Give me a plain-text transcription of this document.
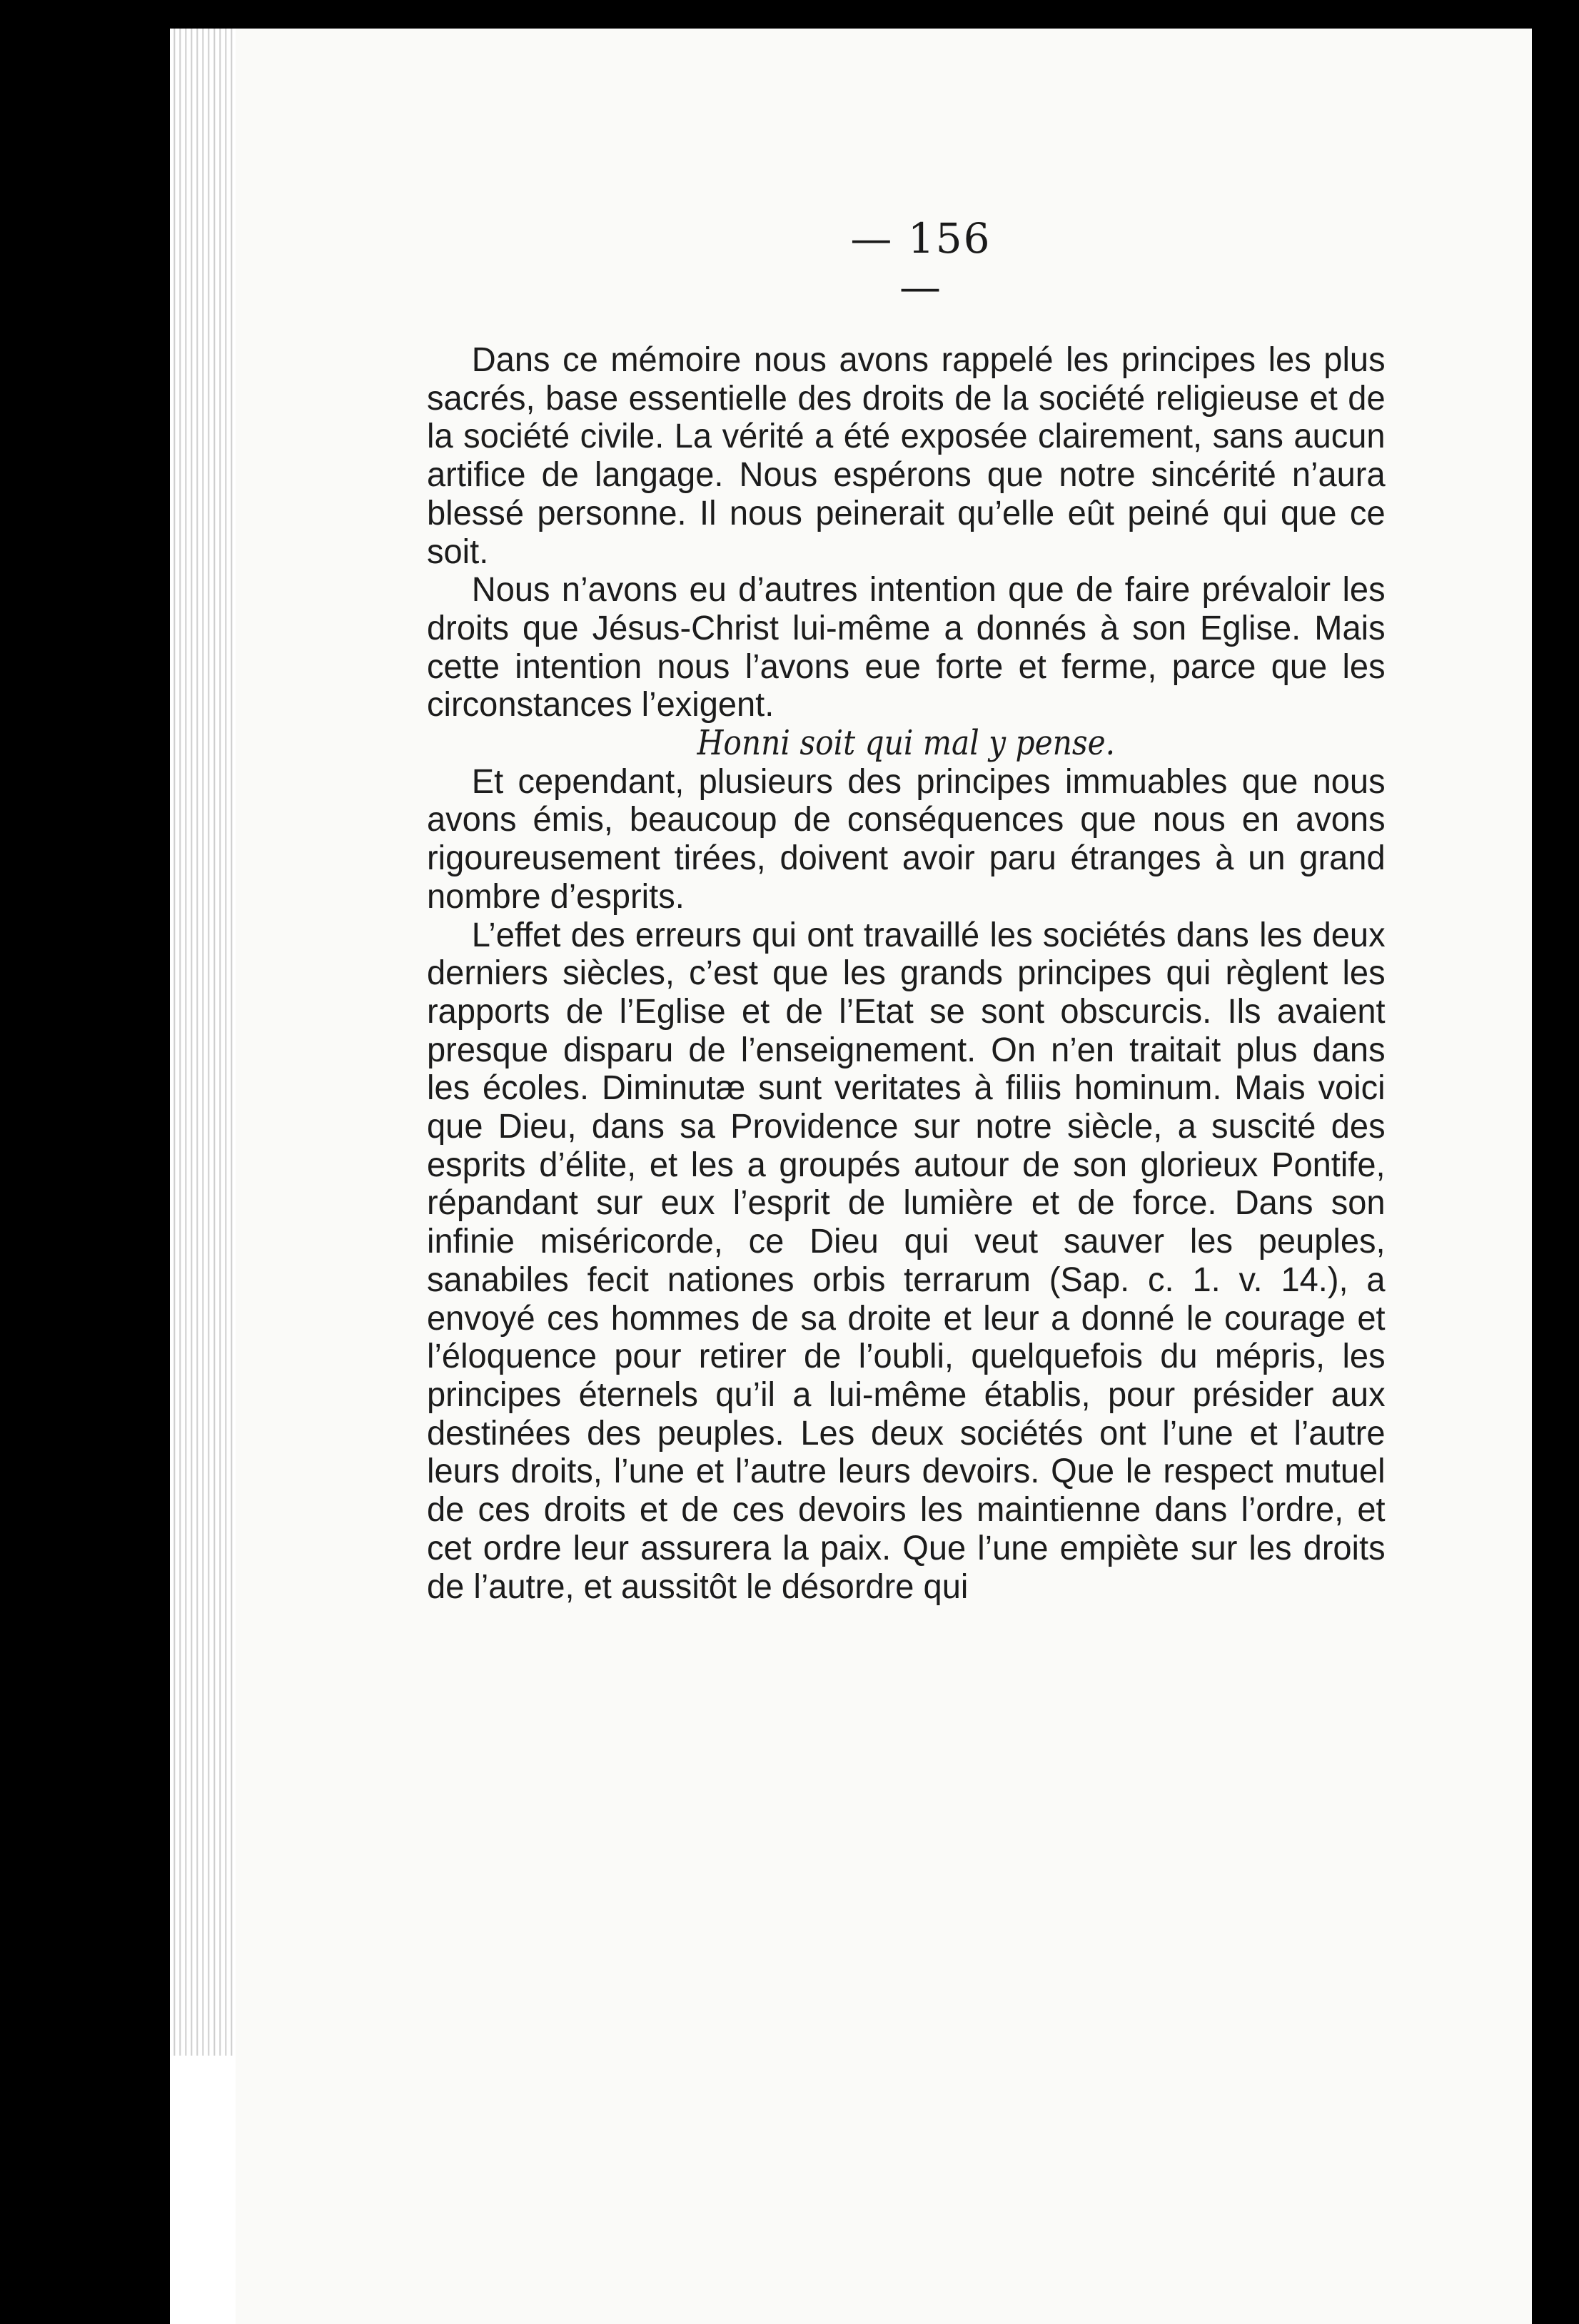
— 156 —

Dans ce mémoire nous avons rappelé les principes les plus sacrés, base essentielle des droits de la société religieuse et de la société civile. La vérité a été exposée clairement, sans aucun artifice de langage. Nous espérons que notre sincérité n’aura blessé personne. Il nous peinerait qu’elle eût peiné qui que ce soit.

Nous n’avons eu d’autres intention que de faire prévaloir les droits que Jésus-Christ lui-même a donnés à son Eglise. Mais cette intention nous l’avons eue forte et ferme, parce que les circonstances l’exigent.

Honni soit qui mal y pense.

Et cependant, plusieurs des principes immuables que nous avons émis, beaucoup de conséquences que nous en avons rigoureusement tirées, doivent avoir paru étranges à un grand nombre d’esprits.

L’effet des erreurs qui ont travaillé les sociétés dans les deux derniers siècles, c’est que les grands principes qui règlent les rapports de l’Eglise et de l’Etat se sont obscurcis. Ils avaient presque disparu de l’enseignement. On n’en traitait plus dans les écoles. Diminutæ sunt veritates à filiis hominum. Mais voici que Dieu, dans sa Providence sur notre siècle, a suscité des esprits d’élite, et les a groupés autour de son glorieux Pontife, répandant sur eux l’esprit de lumière et de force. Dans son infinie miséricorde, ce Dieu qui veut sauver les peuples, sanabiles fecit nationes orbis terrarum (Sap. c. 1. v. 14.), a envoyé ces hommes de sa droite et leur a donné le courage et l’éloquence pour retirer de l’oubli, quelquefois du mépris, les principes éternels qu’il a lui-même établis, pour présider aux destinées des peuples. Les deux sociétés ont l’une et l’autre leurs droits, l’une et l’autre leurs devoirs. Que le respect mutuel de ces droits et de ces devoirs les maintienne dans l’ordre, et cet ordre leur assurera la paix. Que l’une empiète sur les droits de l’autre, et aussitôt le désordre qui
